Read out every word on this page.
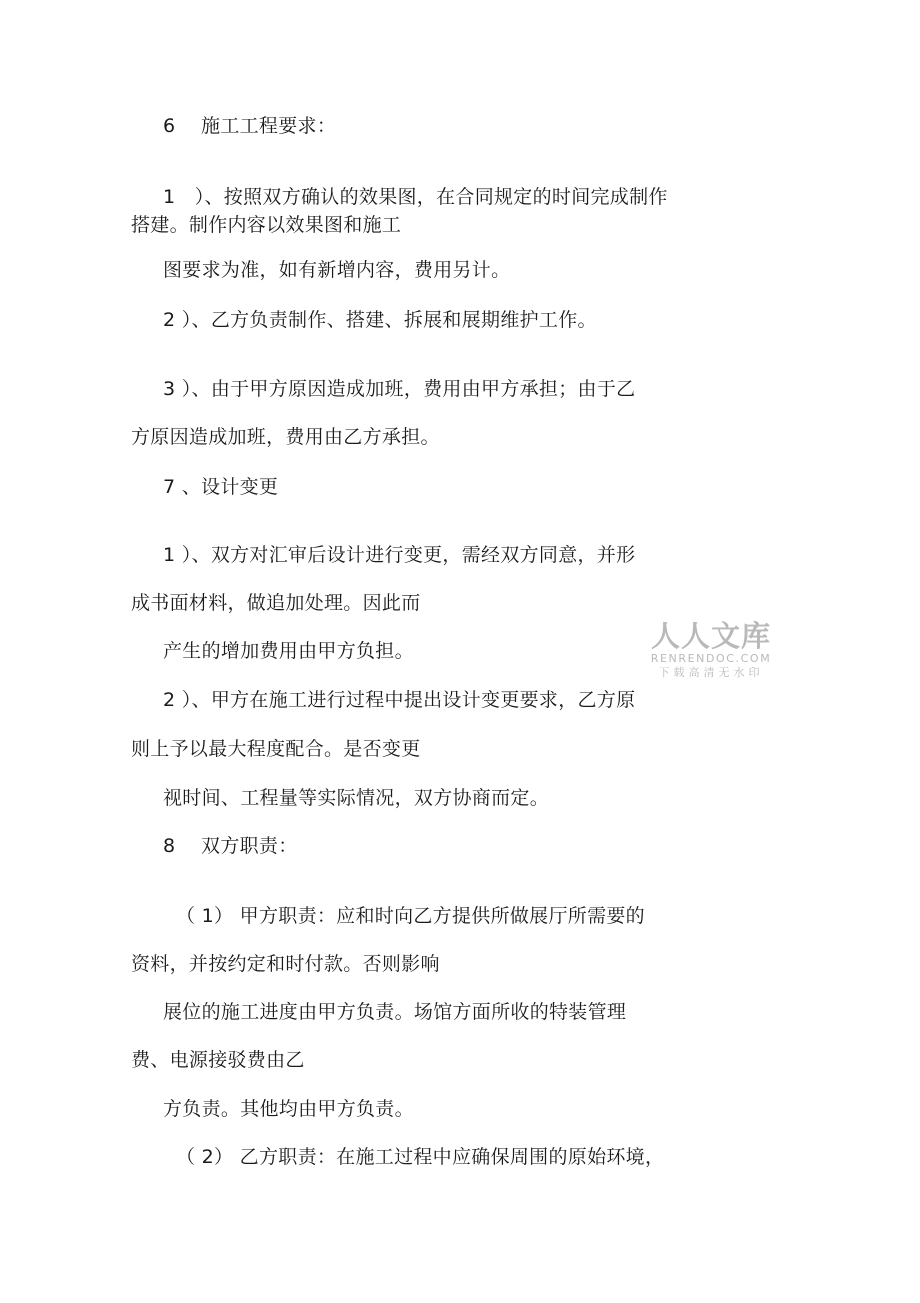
6　 施工工程要求：
1　）、按照双方确认的效果图，在合同规定的时间完成制作
搭建。制作内容以效果图和施工
图要求为准，如有新增内容，费用另计。
2 ）、乙方负责制作、搭建、拆展和展期维护工作。
3 ）、由于甲方原因造成加班，费用由甲方承担；由于乙
方原因造成加班，费用由乙方承担。
7 、设计变更
1 ）、双方对汇审后设计进行变更，需经双方同意，并形
成书面材料，做追加处理。因此而
产生的增加费用由甲方负担。
2 ）、甲方在施工进行过程中提出设计变更要求，乙方原
则上予以最大程度配合。是否变更
视时间、工程量等实际情况，双方协商而定。
8　 双方职责：
（ 1） 甲方职责：应和时向乙方提供所做展厅所需要的
资料，并按约定和时付款。否则影响
展位的施工进度由甲方负责。场馆方面所收的特装管理
费、电源接驳费由乙
方负责。其他均由甲方负责。
（ 2） 乙方职责：在施工过程中应确保周围的原始环境，
人人文库
RENRENDOC.COM
下载高清无水印
